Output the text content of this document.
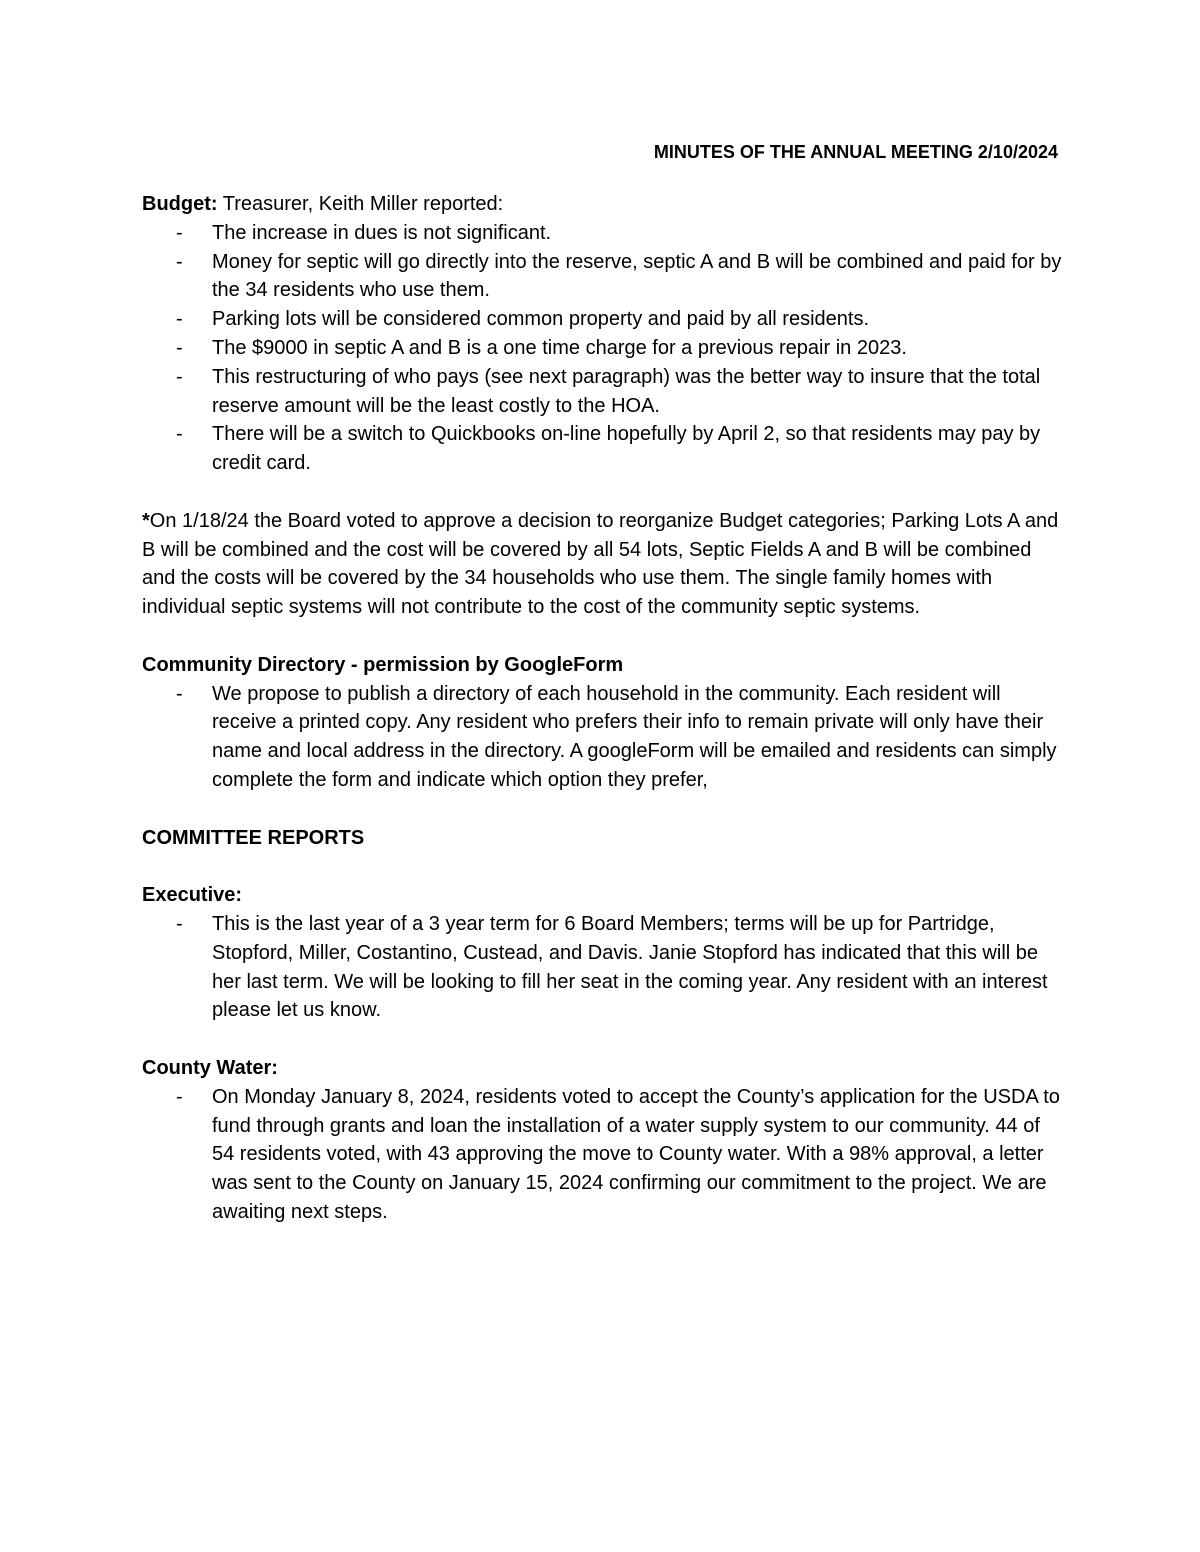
MINUTES OF THE ANNUAL MEETING 2/10/2024

Budget: Treasurer, Keith Miller reported:

- The increase in dues is not significant.
- Money for septic will go directly into the reserve, septic A and B will be combined and paid for by the 34 residents who use them.
- Parking lots will be considered common property and paid by all residents.
- The $9000 in septic A and B is a one time charge for a previous repair in 2023.
- This restructuring of who pays (see next paragraph) was the better way to insure that the total reserve amount will be the least costly to the HOA.
- There will be a switch to Quickbooks on-line hopefully by April 2, so that residents may pay by credit card.

*On 1/18/24 the Board voted to approve a decision to reorganize Budget categories; Parking Lots A and B will be combined and the cost will be covered by all 54 lots, Septic Fields A and B will be combined and the costs will be covered by the 34 households who use them. The single family homes with individual septic systems will not contribute to the cost of the community septic systems.

Community Directory - permission by GoogleForm

- We propose to publish a directory of each household in the community. Each resident will receive a printed copy. Any resident who prefers their info to remain private will only have their name and local address in the directory. A googleForm will be emailed and residents can simply complete the form and indicate which option they prefer,

COMMITTEE REPORTS

Executive:

- This is the last year of a 3 year term for 6 Board Members; terms will be up for Partridge, Stopford, Miller, Costantino, Custead, and Davis. Janie Stopford has indicated that this will be her last term. We will be looking to fill her seat in the coming year. Any resident with an interest please let us know.

County Water:

- On Monday January 8, 2024, residents voted to accept the County’s application for the USDA to fund through grants and loan the installation of a water supply system to our community. 44 of 54 residents voted, with 43 approving the move to County water. With a 98% approval, a letter was sent to the County on January 15, 2024 confirming our commitment to the project. We are awaiting next steps.
